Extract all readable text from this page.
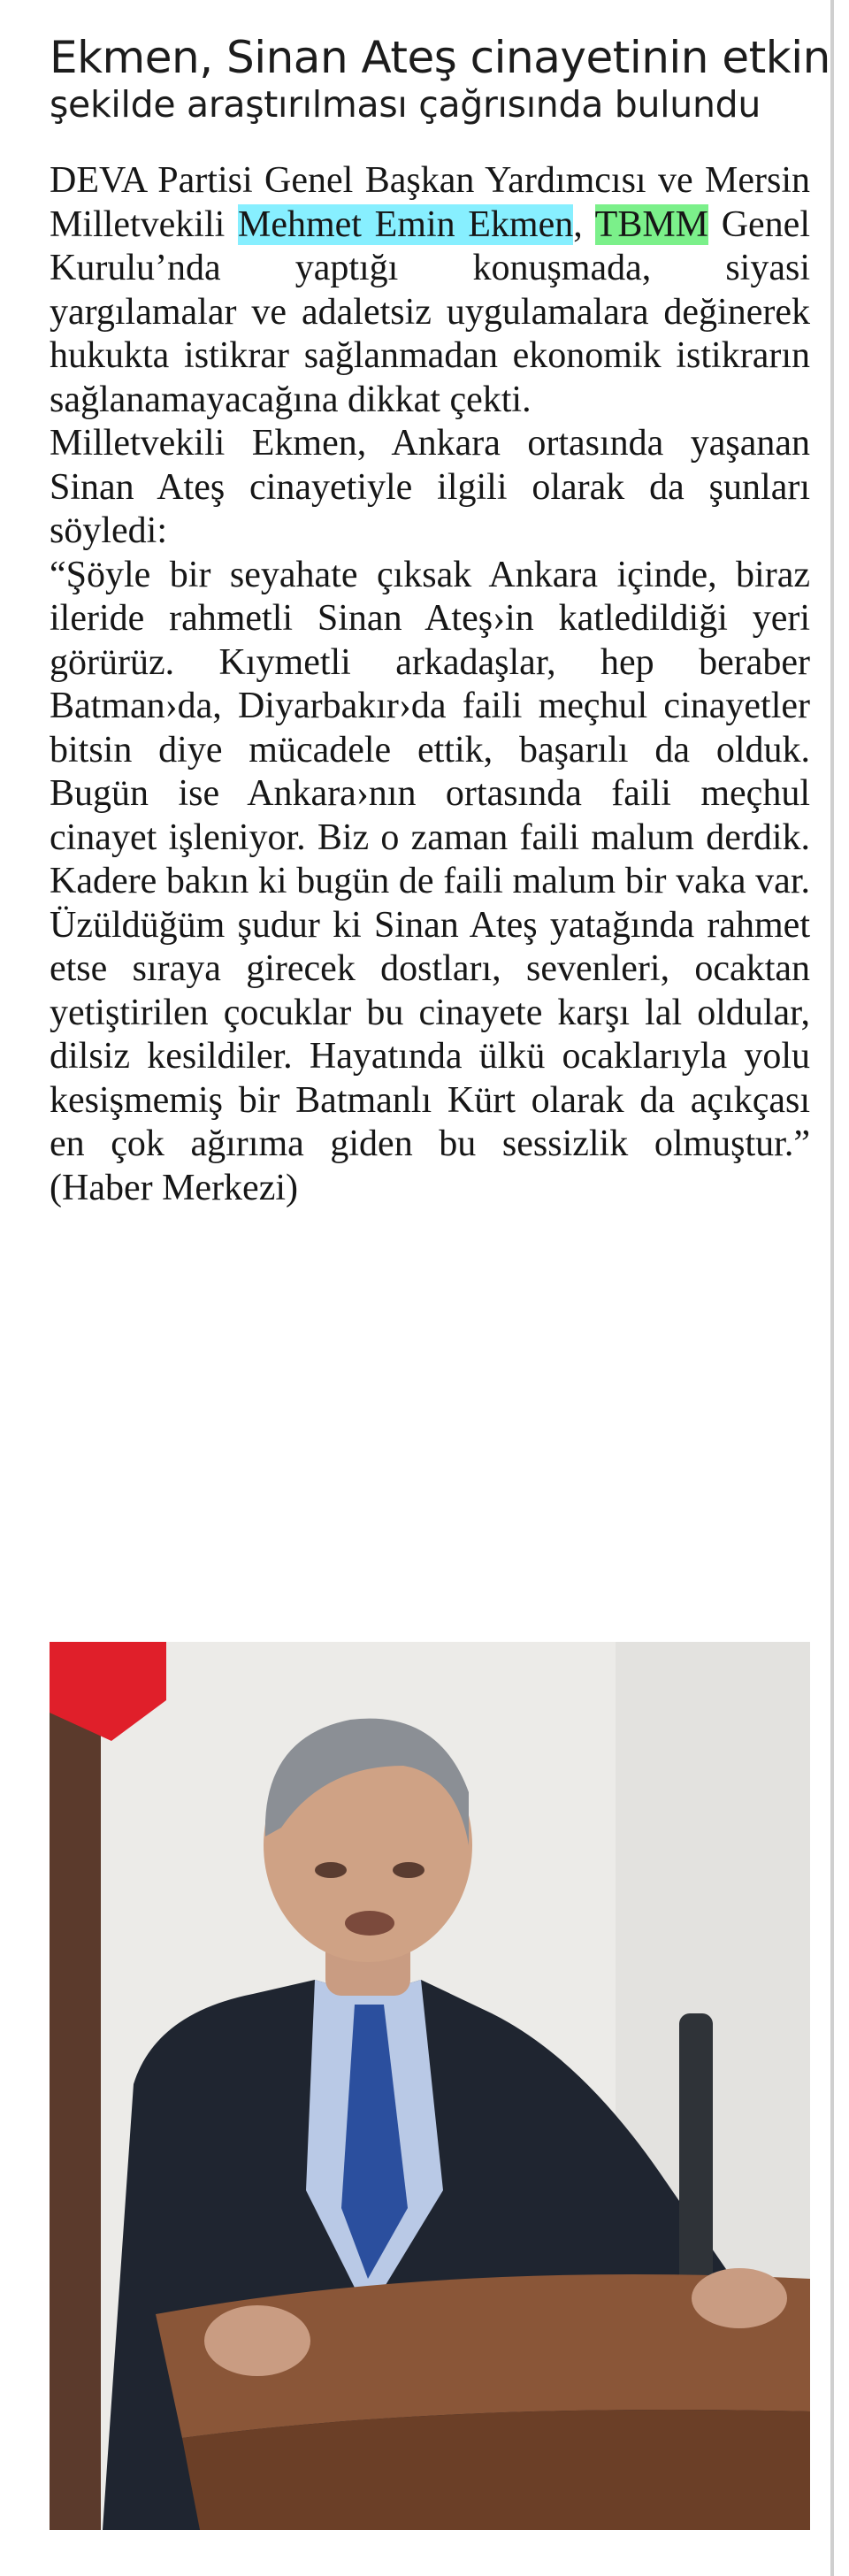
Ekmen, Sinan Ateş cinayetinin etkin
şekilde araştırılması çağrısında bulundu

DEVA Partisi Genel Başkan Yardımcısı ve Mersin Milletvekili Mehmet Emin Ekmen, TBMM Genel Kurulu’nda yaptığı konuşmada, siyasi yargılamalar ve adaletsiz uygulamalara değinerek hukukta istikrar sağlanmadan ekonomik istikrarın sağlanamayacağına dikkat çekti.

Milletvekili Ekmen, Ankara ortasında yaşanan Sinan Ateş cinayetiyle ilgili olarak da şunları söyledi:

“Şöyle bir seyahate çıksak Ankara içinde, biraz ileride rahmetli Sinan Ateş›in katledildiği yeri görürüz. Kıymetli arkadaşlar, hep beraber Batman›da, Diyarbakır›da faili meçhul cinayetler bitsin diye mücadele ettik, başarılı da olduk. Bugün ise Ankara›nın ortasında faili meçhul cinayet işleniyor. Biz o zaman faili malum derdik. Kadere bakın ki bugün de faili malum bir vaka var. Üzüldüğüm şudur ki Sinan Ateş yatağında rahmet etse sıraya girecek dostları, sevenleri, ocaktan yetiştirilen çocuklar bu cinayete karşı lal oldular, dilsiz kesildiler. Hayatında ülkü ocaklarıyla yolu kesişmemiş bir Batmanlı Kürt olarak da açıkçası en çok ağırıma giden bu sessizlik olmuştur.” (Haber Merkezi)
